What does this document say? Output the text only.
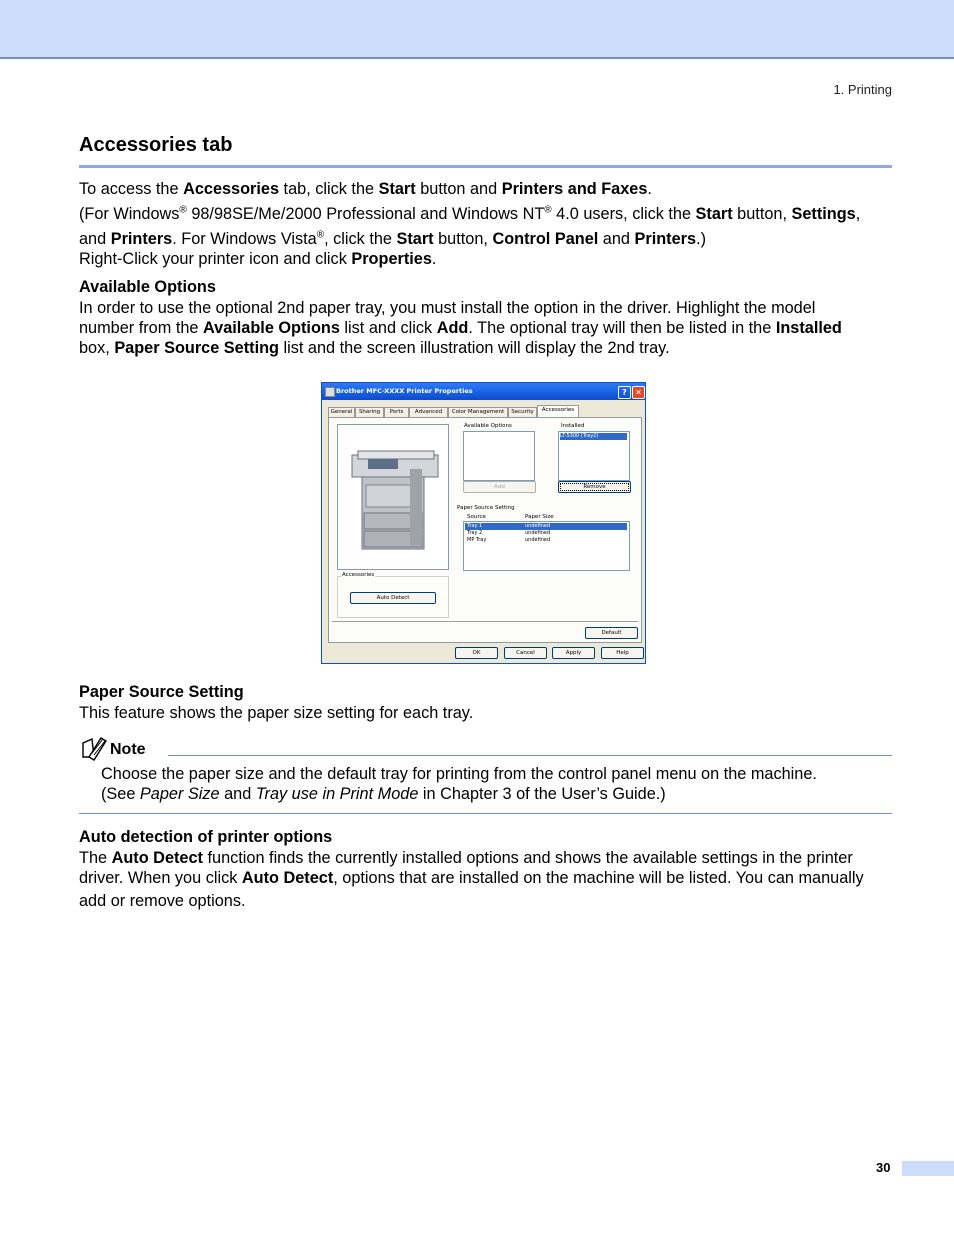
1. Printing
Accessories tab
To access the Accessories tab, click the Start button and Printers and Faxes.
(For Windows® 98/98SE/Me/2000 Professional and Windows NT® 4.0 users, click the Start button, Settings,
and Printers. For Windows Vista®, click the Start button, Control Panel and Printers.)
Right-Click your printer icon and click Properties.
Available Options
In order to use the optional 2nd paper tray, you must install the option in the driver. Highlight the model
number from the Available Options list and click Add. The optional tray will then be listed in the Installed
box, Paper Source Setting list and the screen illustration will display the 2nd tray.
Brother MFC-XXXX Printer Properties	?	✕
General	Sharing	Ports	Advanced	Color Management	Security	Accessories
Available Options	Installed
LT-5300 (Tray2)
Add	Remove
Paper Source Setting
Source	Paper Size
Tray 1	undefined
Tray 2	undefined
MP Tray	undefined
Accessories
Auto Detect
Default
OK	Cancel	Apply	Help
Paper Source Setting
This feature shows the paper size setting for each tray.
Note
Choose the paper size and the default tray for printing from the control panel menu on the machine.
(See Paper Size and Tray use in Print Mode in Chapter 3 of the User’s Guide.)
Auto detection of printer options
The Auto Detect function finds the currently installed options and shows the available settings in the printer
driver. When you click Auto Detect, options that are installed on the machine will be listed. You can manually
add or remove options.
30
